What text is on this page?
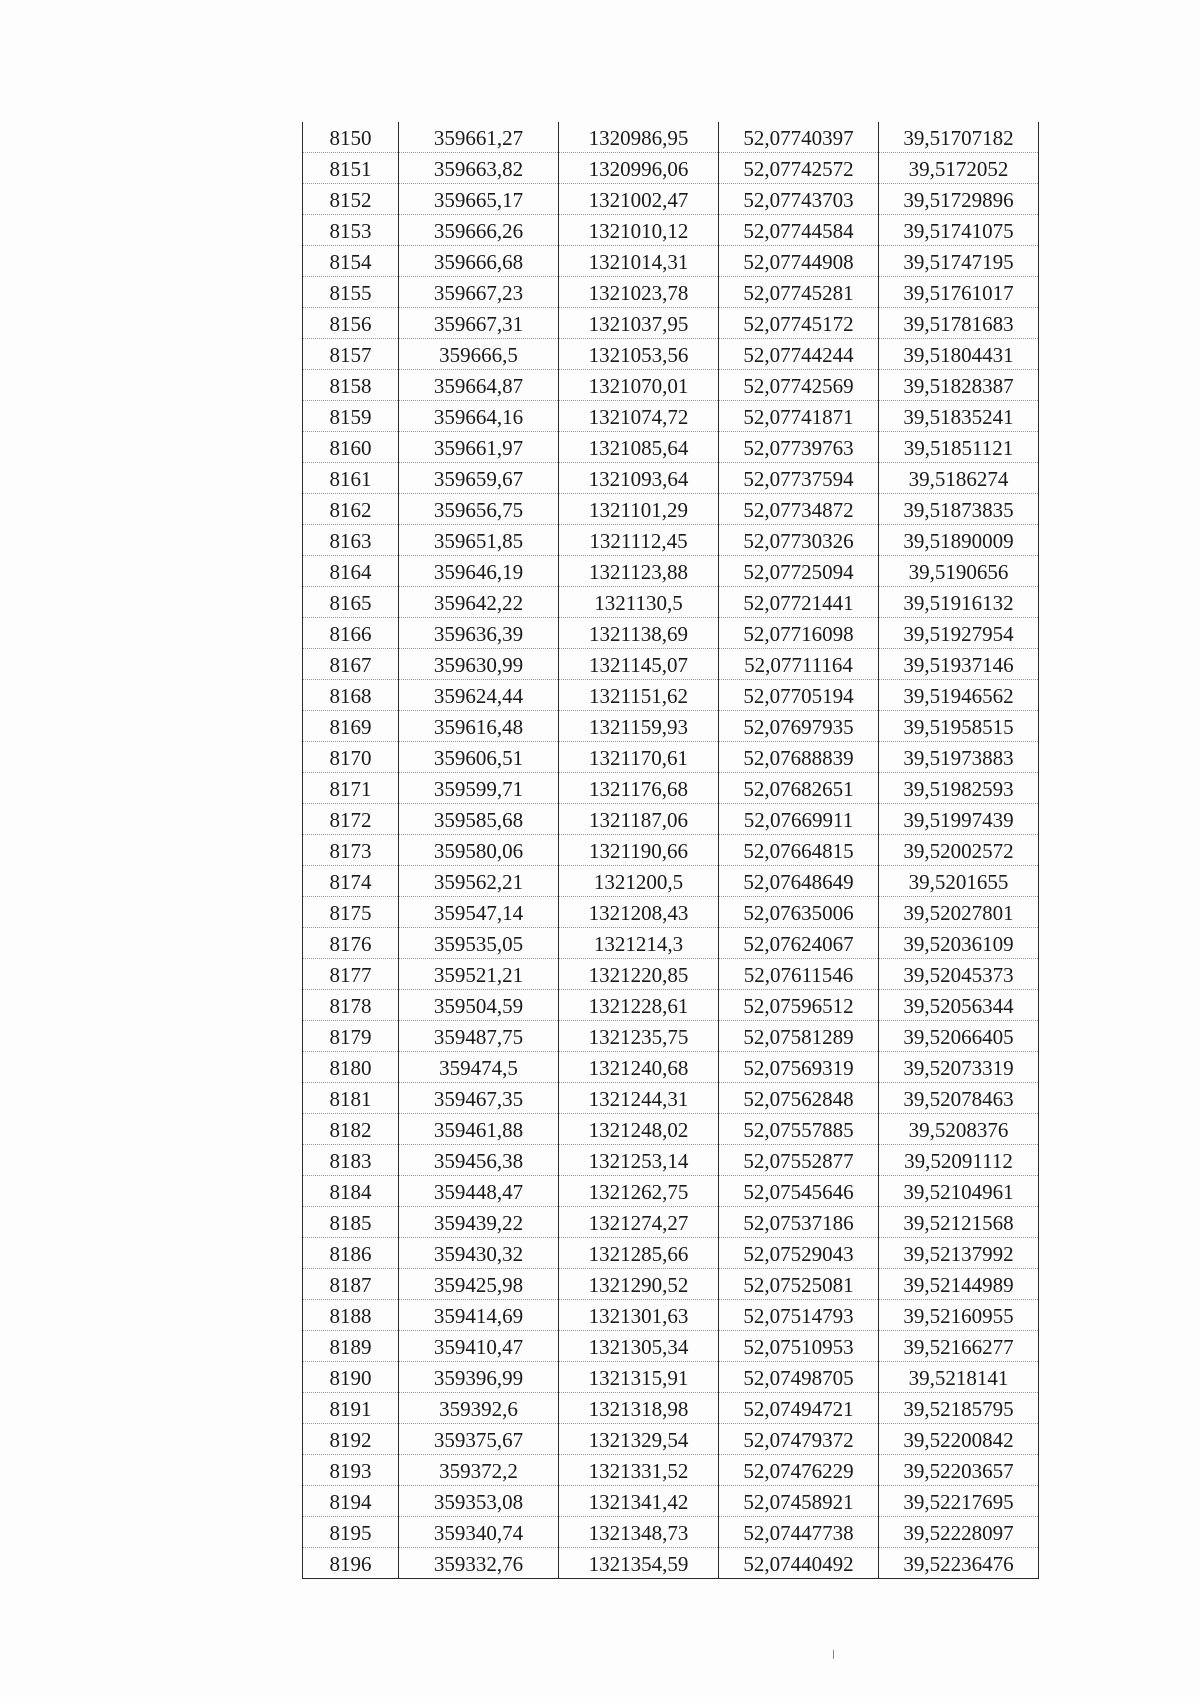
8150	359661,27	1320986,95	52,07740397	39,51707182
8151	359663,82	1320996,06	52,07742572	39,5172052
8152	359665,17	1321002,47	52,07743703	39,51729896
8153	359666,26	1321010,12	52,07744584	39,51741075
8154	359666,68	1321014,31	52,07744908	39,51747195
8155	359667,23	1321023,78	52,07745281	39,51761017
8156	359667,31	1321037,95	52,07745172	39,51781683
8157	359666,5	1321053,56	52,07744244	39,51804431
8158	359664,87	1321070,01	52,07742569	39,51828387
8159	359664,16	1321074,72	52,07741871	39,51835241
8160	359661,97	1321085,64	52,07739763	39,51851121
8161	359659,67	1321093,64	52,07737594	39,5186274
8162	359656,75	1321101,29	52,07734872	39,51873835
8163	359651,85	1321112,45	52,07730326	39,51890009
8164	359646,19	1321123,88	52,07725094	39,5190656
8165	359642,22	1321130,5	52,07721441	39,51916132
8166	359636,39	1321138,69	52,07716098	39,51927954
8167	359630,99	1321145,07	52,07711164	39,51937146
8168	359624,44	1321151,62	52,07705194	39,51946562
8169	359616,48	1321159,93	52,07697935	39,51958515
8170	359606,51	1321170,61	52,07688839	39,51973883
8171	359599,71	1321176,68	52,07682651	39,51982593
8172	359585,68	1321187,06	52,07669911	39,51997439
8173	359580,06	1321190,66	52,07664815	39,52002572
8174	359562,21	1321200,5	52,07648649	39,5201655
8175	359547,14	1321208,43	52,07635006	39,52027801
8176	359535,05	1321214,3	52,07624067	39,52036109
8177	359521,21	1321220,85	52,07611546	39,52045373
8178	359504,59	1321228,61	52,07596512	39,52056344
8179	359487,75	1321235,75	52,07581289	39,52066405
8180	359474,5	1321240,68	52,07569319	39,52073319
8181	359467,35	1321244,31	52,07562848	39,52078463
8182	359461,88	1321248,02	52,07557885	39,5208376
8183	359456,38	1321253,14	52,07552877	39,52091112
8184	359448,47	1321262,75	52,07545646	39,52104961
8185	359439,22	1321274,27	52,07537186	39,52121568
8186	359430,32	1321285,66	52,07529043	39,52137992
8187	359425,98	1321290,52	52,07525081	39,52144989
8188	359414,69	1321301,63	52,07514793	39,52160955
8189	359410,47	1321305,34	52,07510953	39,52166277
8190	359396,99	1321315,91	52,07498705	39,5218141
8191	359392,6	1321318,98	52,07494721	39,52185795
8192	359375,67	1321329,54	52,07479372	39,52200842
8193	359372,2	1321331,52	52,07476229	39,52203657
8194	359353,08	1321341,42	52,07458921	39,52217695
8195	359340,74	1321348,73	52,07447738	39,52228097
8196	359332,76	1321354,59	52,07440492	39,52236476
